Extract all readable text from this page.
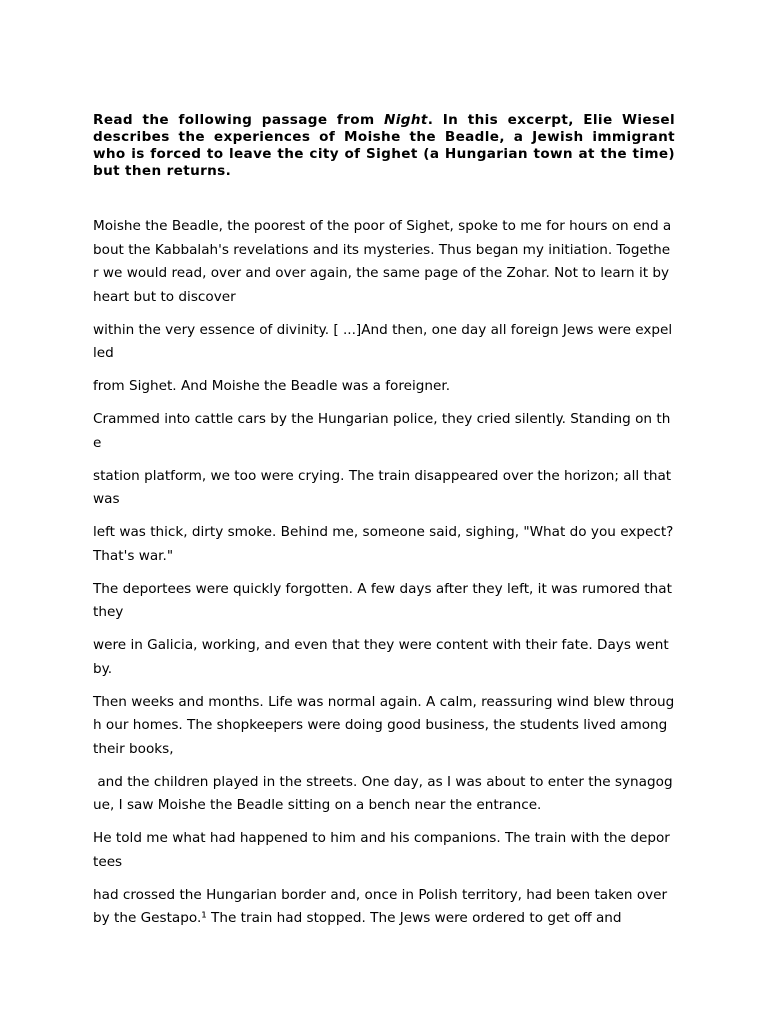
Read the following passage from Night. In this excerpt, Elie Wiesel describes the experiences of Moishe the Beadle, a Jewish immigrant who is forced to leave the city of Sighet (a Hungarian town at the time) but then returns.

Moishe the Beadle, the poorest of the poor of Sighet, spoke to me for hours on end about the Kabbalah's revelations and its mysteries. Thus began my initiation. Together we would read, over and over again, the same page of the Zohar. Not to learn it by heart but to discover

within the very essence of divinity. [ ...]And then, one day all foreign Jews were expelled

from Sighet. And Moishe the Beadle was a foreigner.

Crammed into cattle cars by the Hungarian police, they cried silently. Standing on the

station platform, we too were crying. The train disappeared over the horizon; all that was

left was thick, dirty smoke. Behind me, someone said, sighing, "What do you expect? That's war."

The deportees were quickly forgotten. A few days after they left, it was rumored that they

were in Galicia, working, and even that they were content with their fate. Days went by.

Then weeks and months. Life was normal again. A calm, reassuring wind blew through our homes. The shopkeepers were doing good business, the students lived among their books,

and the children played in the streets. One day, as I was about to enter the synagogue, I saw Moishe the Beadle sitting on a bench near the entrance.

He told me what had happened to him and his companions. The train with the deportees

had crossed the Hungarian border and, once in Polish territory, had been taken over by the Gestapo.¹ The train had stopped. The Jews were ordered to get off and
